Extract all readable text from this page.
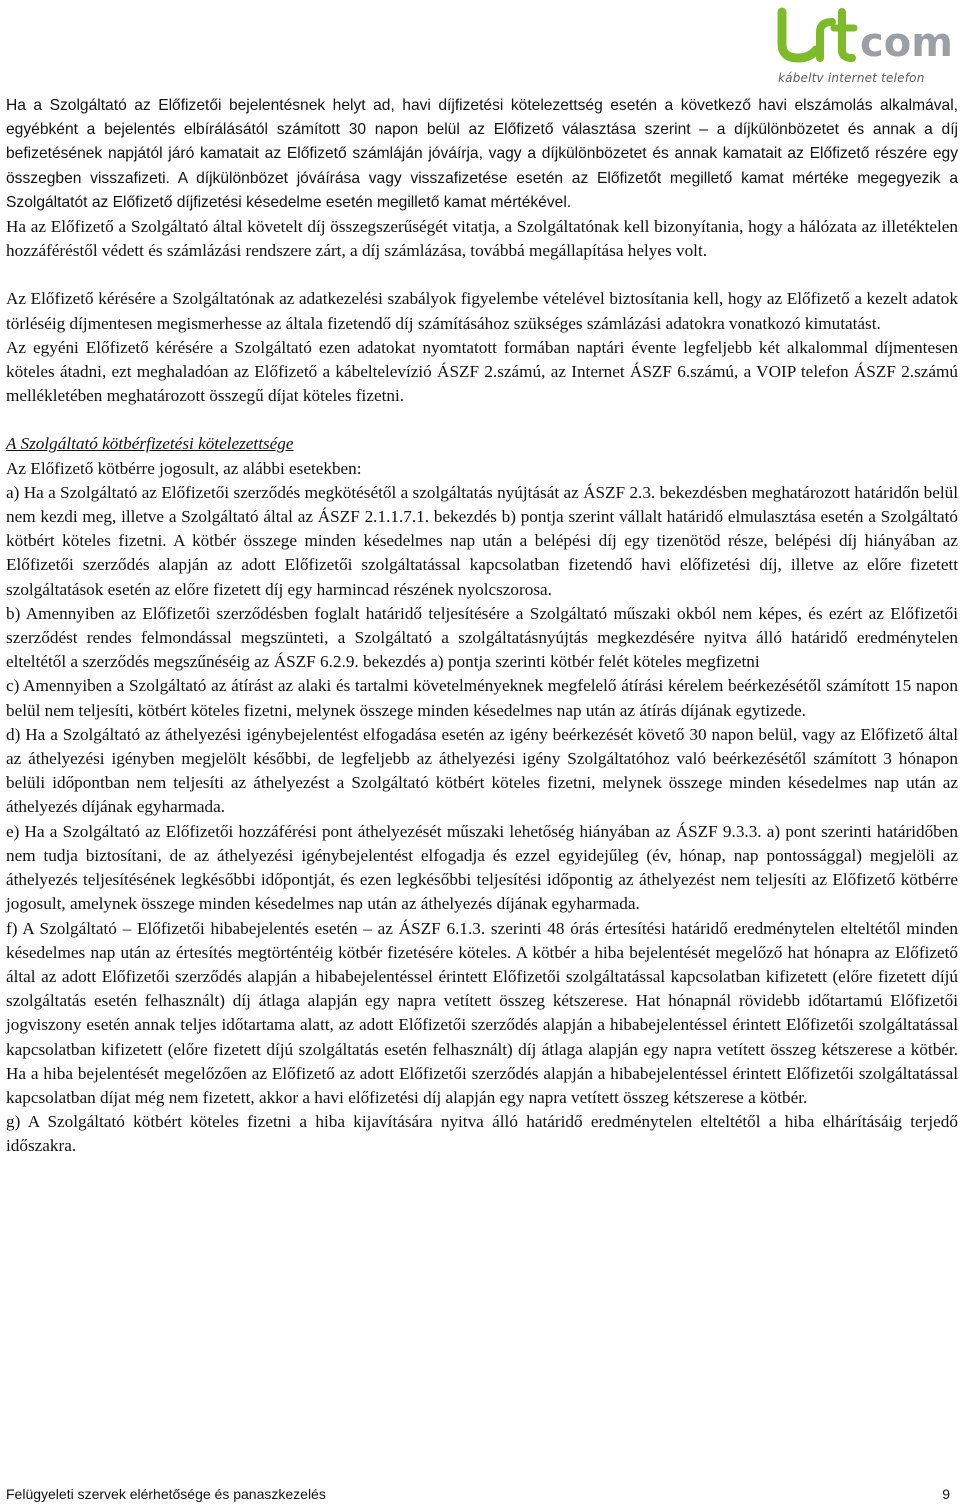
com
kábeltv internet telefon

Ha a Szolgáltató az Előfizetői bejelentésnek helyt ad, havi díjfizetési kötelezettség esetén a következő havi elszámolás alkalmával, egyébként a bejelentés elbírálásától számított 30 napon belül az Előfizető választása szerint – a díjkülönbözetet és annak a díj befizetésének napjától járó kamatait az Előfizető számláján jóváírja, vagy a díjkülönbözetet és annak kamatait az Előfizető részére egy összegben visszafizeti. A díjkülönbözet jóváírása vagy visszafizetése esetén az Előfizetőt megillető kamat mértéke megegyezik a Szolgáltatót az Előfizető díjfizetési késedelme esetén megillető kamat mértékével.

Ha az Előfizető a Szolgáltató által követelt díj összegszerűségét vitatja, a Szolgáltatónak kell bizonyítania, hogy a hálózata az illetéktelen hozzáféréstől védett és számlázási rendszere zárt, a díj számlázása, továbbá megállapítása helyes volt.

Az Előfizető kérésére a Szolgáltatónak az adatkezelési szabályok figyelembe vételével biztosítania kell, hogy az Előfizető a kezelt adatok törléséig díjmentesen megismerhesse az általa fizetendő díj számításához szükséges számlázási adatokra vonatkozó kimutatást.

Az egyéni Előfizető kérésére a Szolgáltató ezen adatokat nyomtatott formában naptári évente legfeljebb két alkalommal díjmentesen köteles átadni, ezt meghaladóan az Előfizető a kábeltelevízió ÁSZF 2.számú, az Internet ÁSZF 6.számú, a VOIP telefon ÁSZF 2.számú mellékletében meghatározott összegű díjat köteles fizetni.

A Szolgáltató kötbérfizetési kötelezettsége

Az Előfizető kötbérre jogosult, az alábbi esetekben:

a) Ha a Szolgáltató az Előfizetői szerződés megkötésétől a szolgáltatás nyújtását az ÁSZF 2.3. bekezdésben meghatározott határidőn belül nem kezdi meg, illetve a Szolgáltató által az ÁSZF 2.1.1.7.1. bekezdés b) pontja szerint vállalt határidő elmulasztása esetén a Szolgáltató kötbért köteles fizetni. A kötbér összege minden késedelmes nap után a belépési díj egy tizenötöd része, belépési díj hiányában az Előfizetői szerződés alapján az adott Előfizetői szolgáltatással kapcsolatban fizetendő havi előfizetési díj, illetve az előre fizetett szolgáltatások esetén az előre fizetett díj egy harmincad részének nyolcszorosa.

b) Amennyiben az Előfizetői szerződésben foglalt határidő teljesítésére a Szolgáltató műszaki okból nem képes, és ezért az Előfizetői szerződést rendes felmondással megszünteti, a Szolgáltató a szolgáltatásnyújtás megkezdésére nyitva álló határidő eredménytelen elteltétől a szerződés megszűnéséig az ÁSZF 6.2.9. bekezdés a) pontja szerinti kötbér felét köteles megfizetni

c) Amennyiben a Szolgáltató az átírást az alaki és tartalmi követelményeknek megfelelő átírási kérelem beérkezésétől számított 15 napon belül nem teljesíti, kötbért köteles fizetni, melynek összege minden késedelmes nap után az átírás díjának egytizede.

d) Ha a Szolgáltató az áthelyezési igénybejelentést elfogadása esetén az igény beérkezését követő 30 napon belül, vagy az Előfizető által az áthelyezési igényben megjelölt későbbi, de legfeljebb az áthelyezési igény Szolgáltatóhoz való beérkezésétől számított 3 hónapon belüli időpontban nem teljesíti az áthelyezést a Szolgáltató kötbért köteles fizetni, melynek összege minden késedelmes nap után az áthelyezés díjának egyharmada.

e) Ha a Szolgáltató az Előfizetői hozzáférési pont áthelyezését műszaki lehetőség hiányában az ÁSZF 9.3.3. a) pont szerinti határidőben nem tudja biztosítani, de az áthelyezési igénybejelentést elfogadja és ezzel egyidejűleg (év, hónap, nap pontossággal) megjelöli az áthelyezés teljesítésének legkésőbbi időpontját, és ezen legkésőbbi teljesítési időpontig az áthelyezést nem teljesíti az Előfizető kötbérre jogosult, amelynek összege minden késedelmes nap után az áthelyezés díjának egyharmada.

f) A Szolgáltató – Előfizetői hibabejelentés esetén – az ÁSZF 6.1.3. szerinti 48 órás értesítési határidő eredménytelen elteltétől minden késedelmes nap után az értesítés megtörténtéig kötbér fizetésére köteles. A kötbér a hiba bejelentését megelőző hat hónapra az Előfizető által az adott Előfizetői szerződés alapján a hibabejelentéssel érintett Előfizetői szolgáltatással kapcsolatban kifizetett (előre fizetett díjú szolgáltatás esetén felhasznált) díj átlaga alapján egy napra vetített összeg kétszerese. Hat hónapnál rövidebb időtartamú Előfizetői jogviszony esetén annak teljes időtartama alatt, az adott Előfizetői szerződés alapján a hibabejelentéssel érintett Előfizetői szolgáltatással kapcsolatban kifizetett (előre fizetett díjú szolgáltatás esetén felhasznált) díj átlaga alapján egy napra vetített összeg kétszerese a kötbér. Ha a hiba bejelentését megelőzően az Előfizető az adott Előfizetői szerződés alapján a hibabejelentéssel érintett Előfizetői szolgáltatással kapcsolatban díjat még nem fizetett, akkor a havi előfizetési díj alapján egy napra vetített összeg kétszerese a kötbér.

g) A Szolgáltató kötbért köteles fizetni a hiba kijavítására nyitva álló határidő eredménytelen elteltétől a hiba elhárításáig terjedő időszakra.

Felügyeleti szervek elérhetősége és panaszkezelés	9
